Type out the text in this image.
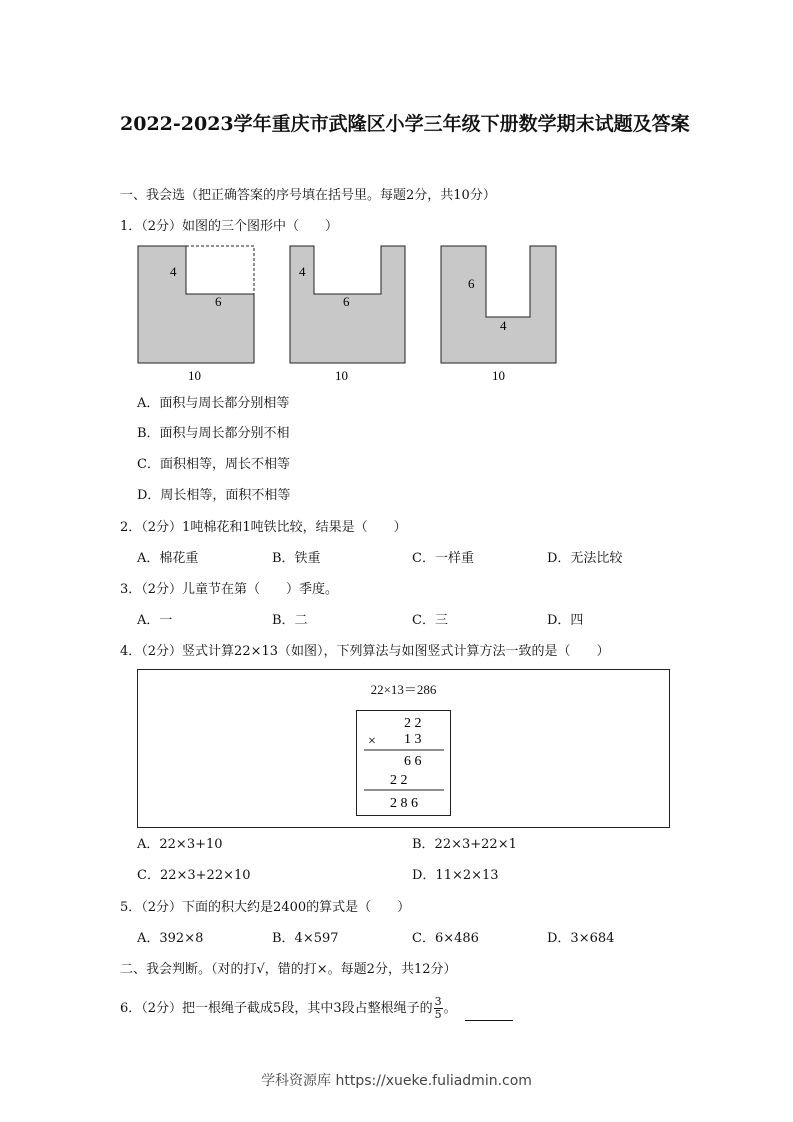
2022-2023学年重庆市武隆区小学三年级下册数学期末试题及答案
一、我会选（把正确答案的序号填在括号里。每题2分，共10分）
1．（2分）如图的三个图形中（　　）
4
6
10
4
6
10
6
4
10
A．面积与周长都分别相等
B．面积与周长都分别不相
C．面积相等，周长不相等
D．周长相等，面积不相等
2．（2分）1吨棉花和1吨铁比较，结果是（　　）
A．棉花重	B．铁重	C．一样重	D．无法比较
3．（2分）儿童节在第（　　）季度。
A．一	B．二	C．三	D．四
4．（2分）竖式计算22×13（如图），下列算法与如图竖式计算方法一致的是（　　）
22×13＝286
2 2
× 1 3
6 6
2 2
2 8 6
A．22×3+10	B．22×3+22×1
C．22×3+22×10	D．11×2×13
5．（2分）下面的积大约是2400的算式是（　　）
A．392×8	B．4×597	C．6×486	D．3×684
二、我会判断。（对的打√，错的打×。每题2分，共12分）
6．（2分）把一根绳子截成5段，其中3段占整根绳子的 $\frac{3}{5}$ 。
学科资源库 https://xueke.fuliadmin.com
